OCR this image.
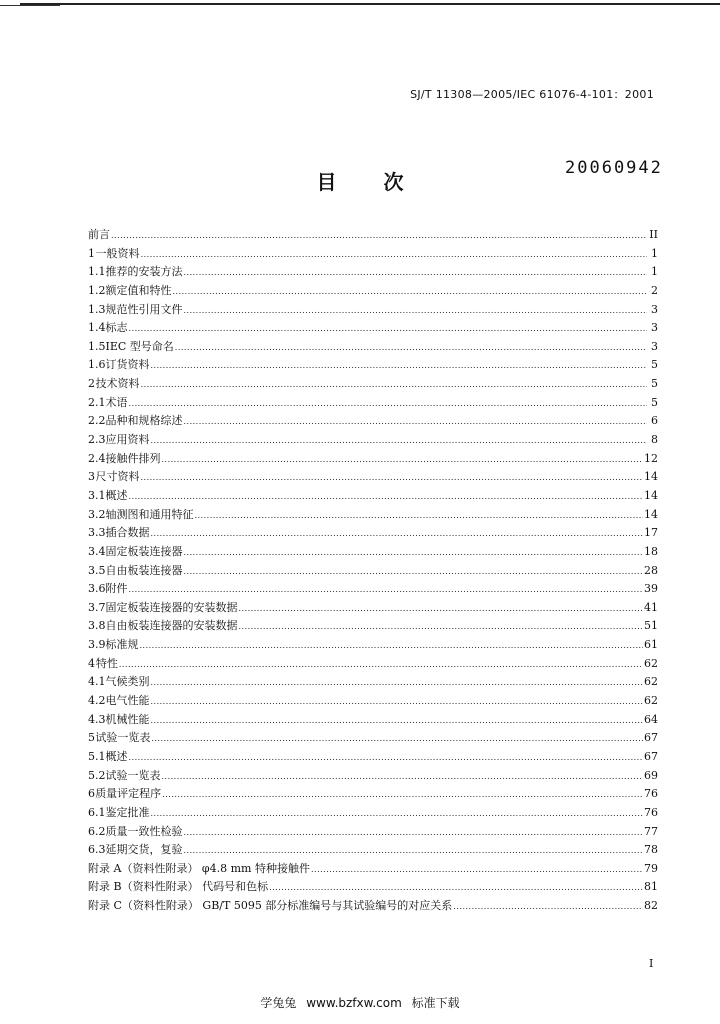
SJ/T 11308—2005/IEC 61076-4-101：2001
20060942
目 次
前言 .....	II
1 一般资料 .....	1
1.1 推荐的安装方法 .....	1
1.2 额定值和特性 .....	2
1.3 规范性引用文件 .....	3
1.4 标志 .....	3
1.5 IEC 型号命名 .....	3
1.6 订货资料 .....	5
2 技术资料 .....	5
2.1 术语 .....	5
2.2 品种和规格综述 .....	6
2.3 应用资料 .....	8
2.4 接触件排列 .....	12
3 尺寸资料 .....	14
3.1 概述 .....	14
3.2 轴测图和通用特征 .....	14
3.3 插合数据 .....	17
3.4 固定板装连接器 .....	18
3.5 自由板装连接器 .....	28
3.6 附件 .....	39
3.7 固定板装连接器的安装数据 .....	41
3.8 自由板装连接器的安装数据 .....	51
3.9 标准规 .....	61
4 特性 .....	62
4.1 气候类别 .....	62
4.2 电气性能 .....	62
4.3 机械性能 .....	64
5 试验一览表 .....	67
5.1 概述 .....	67
5.2 试验一览表 .....	69
6 质量评定程序 .....	76
6.1 鉴定批准 .....	76
6.2 质量一致性检验 .....	77
6.3 延期交货，复验 .....	78
附录 A（资料性附录） φ4.8 mm 特种接触件 .....	79
附录 B（资料性附录） 代码号和色标 .....	81
附录 C（资料性附录） GB/T 5095 部分标准编号与其试验编号的对应关系 .....	82
I
学兔兔 www.bzfxw.com 标准下载
